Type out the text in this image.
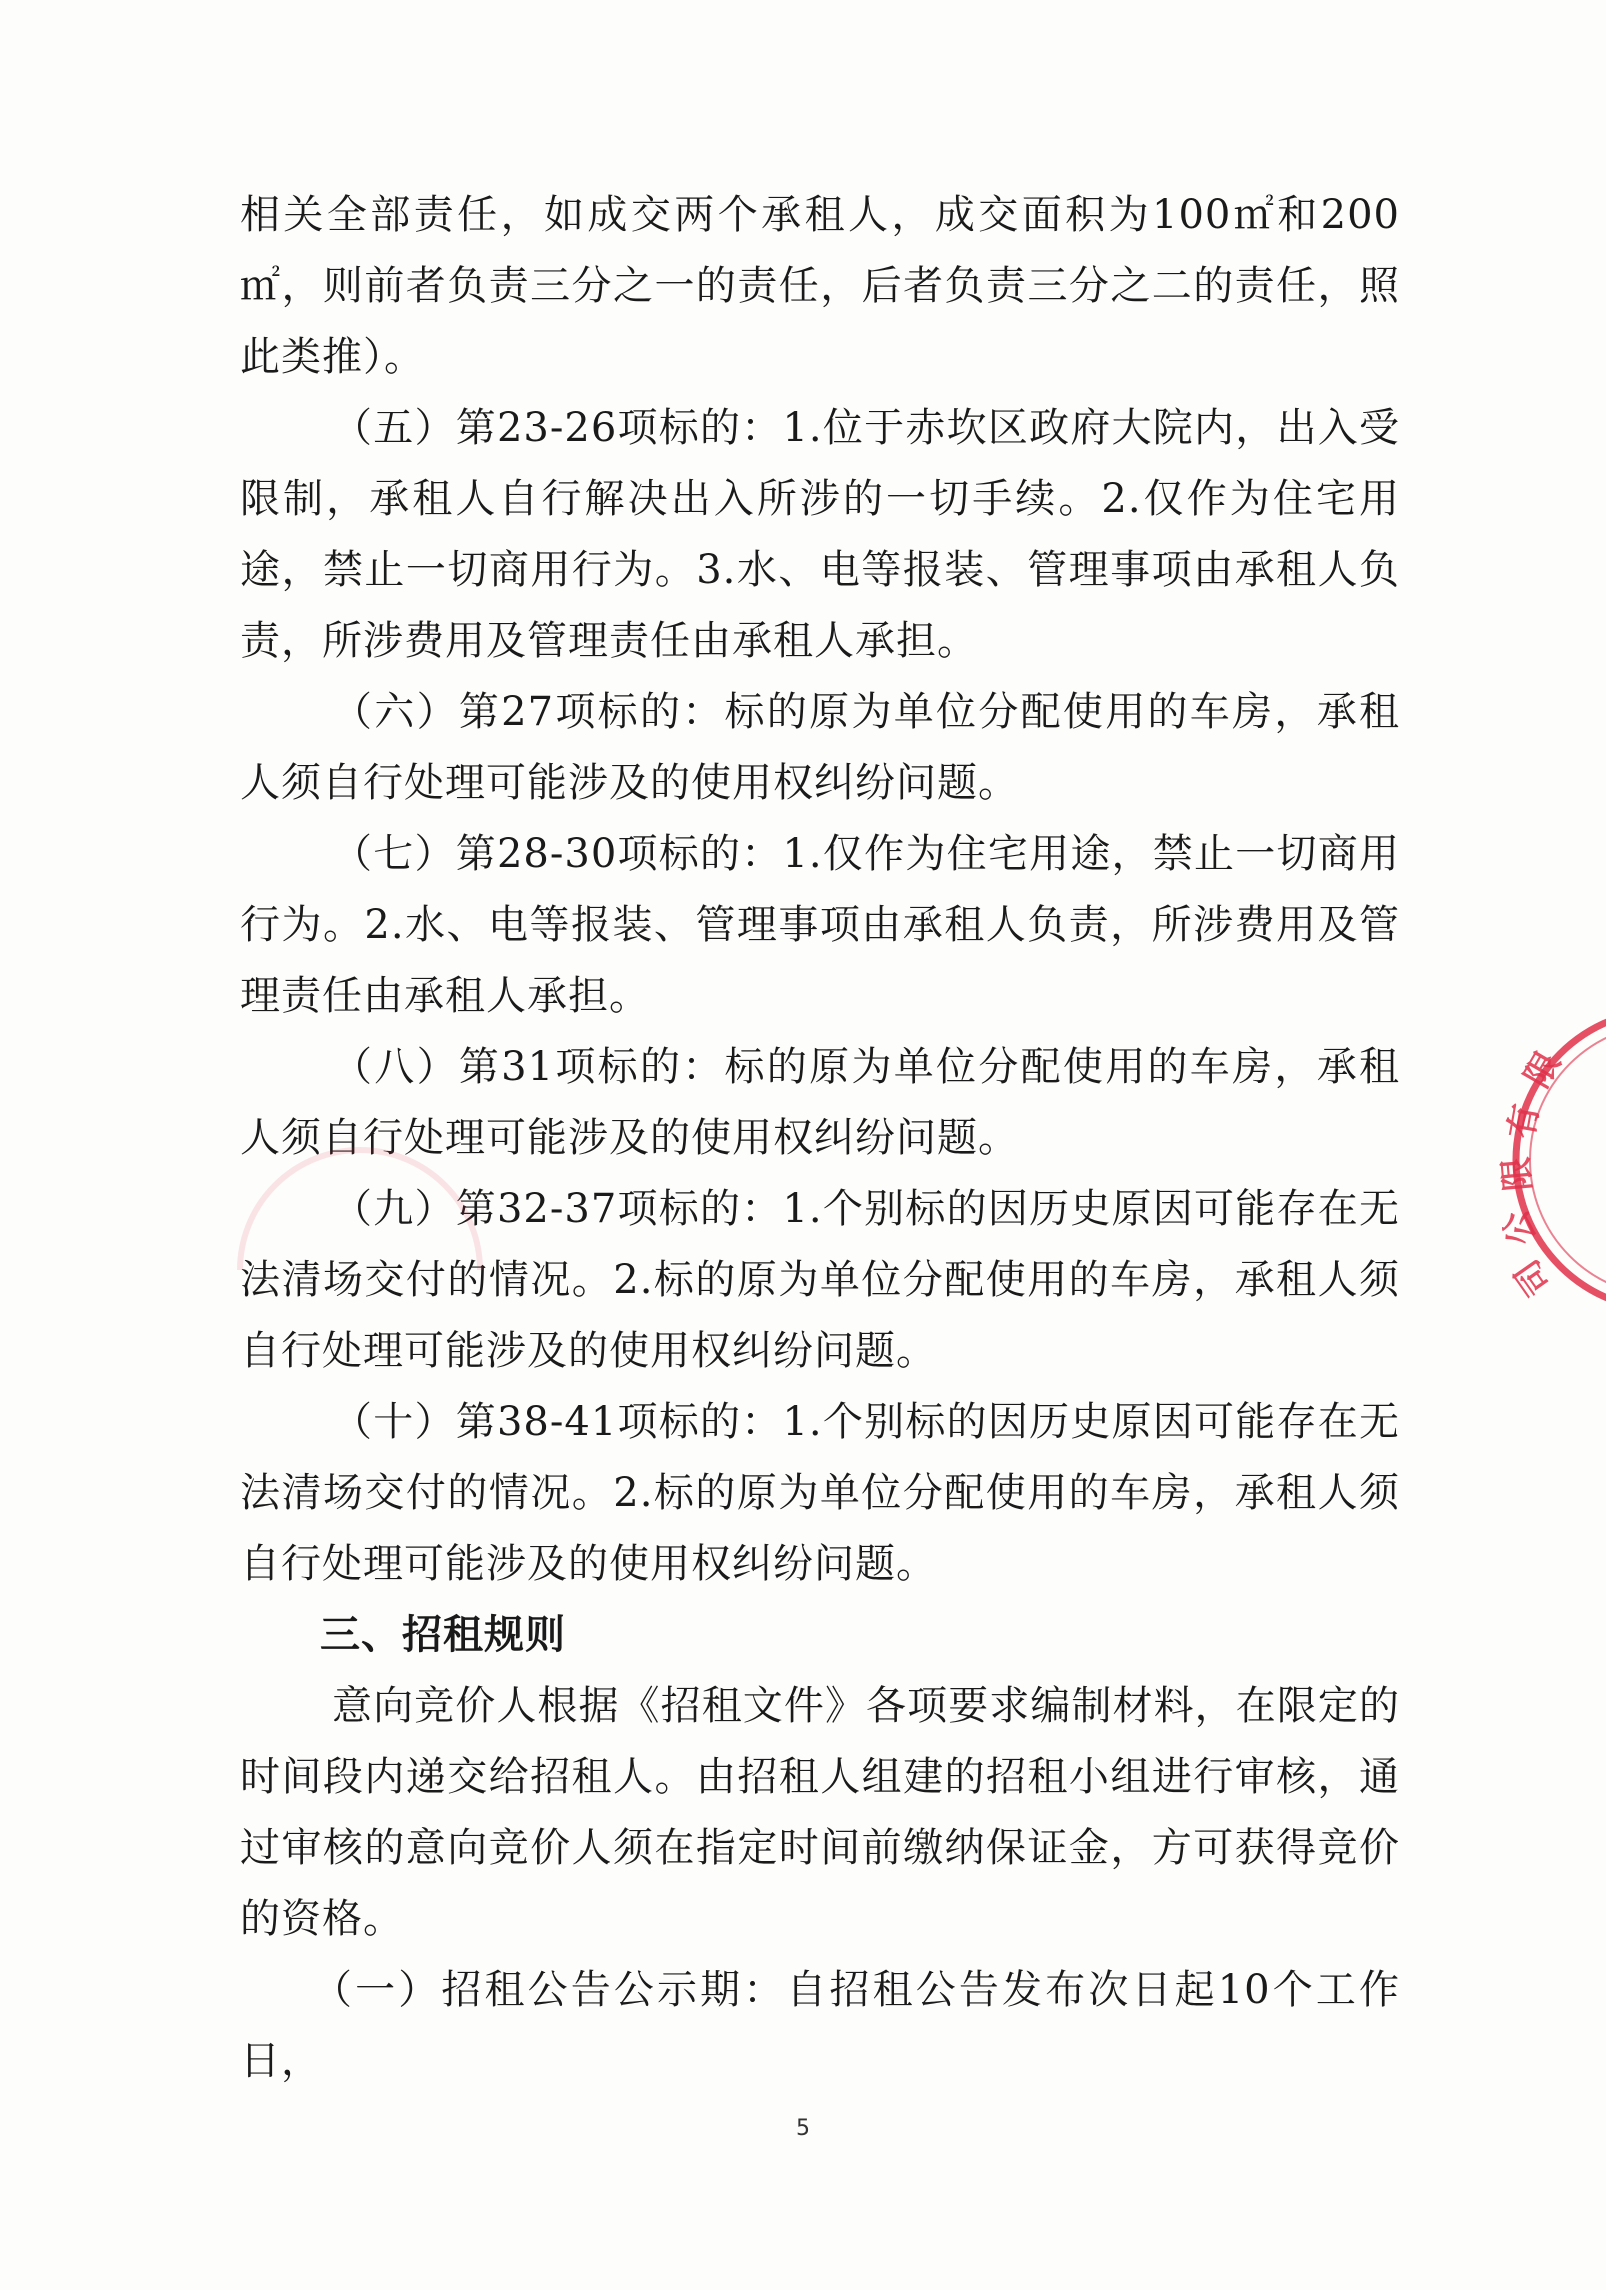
相关全部责任，如成交两个承租人，成交面积为100㎡和200㎡，则前者负责三分之一的责任，后者负责三分之二的责任，照此类推）。

（五）第23-26项标的：1.位于赤坎区政府大院内，出入受限制，承租人自行解决出入所涉的一切手续。2.仅作为住宅用途，禁止一切商用行为。3.水、电等报装、管理事项由承租人负责，所涉费用及管理责任由承租人承担。

（六）第27项标的：标的原为单位分配使用的车房，承租人须自行处理可能涉及的使用权纠纷问题。

（七）第28-30项标的：1.仅作为住宅用途，禁止一切商用行为。2.水、电等报装、管理事项由承租人负责，所涉费用及管理责任由承租人承担。

（八）第31项标的：标的原为单位分配使用的车房，承租人须自行处理可能涉及的使用权纠纷问题。

（九）第32-37项标的：1.个别标的因历史原因可能存在无法清场交付的情况。2.标的原为单位分配使用的车房，承租人须自行处理可能涉及的使用权纠纷问题。

（十）第38-41项标的：1.个别标的因历史原因可能存在无法清场交付的情况。2.标的原为单位分配使用的车房，承租人须自行处理可能涉及的使用权纠纷问题。

三、招租规则

意向竞价人根据《招租文件》各项要求编制材料，在限定的时间段内递交给招租人。由招租人组建的招租小组进行审核，通过审核的意向竞价人须在指定时间前缴纳保证金，方可获得竞价的资格。

（一）招租公告公示期：自招租公告发布次日起10个工作日，

5
限
有
限
公
司
